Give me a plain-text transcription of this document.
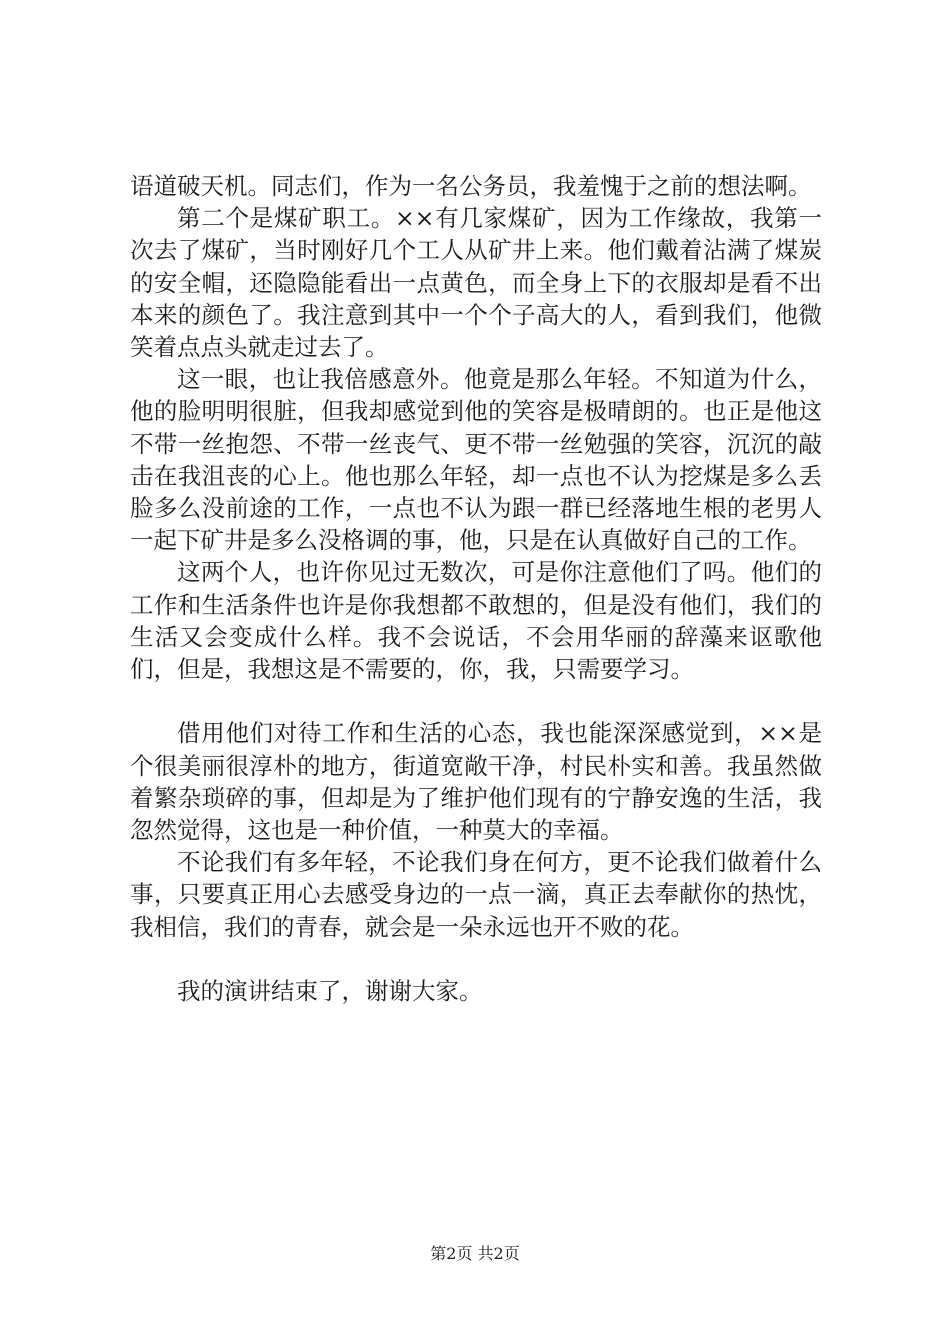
语道破天机。同志们，作为一名公务员，我羞愧于之前的想法啊。

第二个是煤矿职工。××有几家煤矿，因为工作缘故，我第一次去了煤矿，当时刚好几个工人从矿井上来。他们戴着沾满了煤炭的安全帽，还隐隐能看出一点黄色，而全身上下的衣服却是看不出本来的颜色了。我注意到其中一个个子高大的人，看到我们，他微笑着点点头就走过去了。

这一眼，也让我倍感意外。他竟是那么年轻。不知道为什么，他的脸明明很脏，但我却感觉到他的笑容是极晴朗的。也正是他这不带一丝抱怨、不带一丝丧气、更不带一丝勉强的笑容，沉沉的敲击在我沮丧的心上。他也那么年轻，却一点也不认为挖煤是多么丢脸多么没前途的工作，一点也不认为跟一群已经落地生根的老男人一起下矿井是多么没格调的事，他，只是在认真做好自己的工作。

这两个人，也许你见过无数次，可是你注意他们了吗。他们的工作和生活条件也许是你我想都不敢想的，但是没有他们，我们的生活又会变成什么样。我不会说话，不会用华丽的辞藻来讴歌他们，但是，我想这是不需要的，你，我，只需要学习。

借用他们对待工作和生活的心态，我也能深深感觉到，××是个很美丽很淳朴的地方，街道宽敞干净，村民朴实和善。我虽然做着繁杂琐碎的事，但却是为了维护他们现有的宁静安逸的生活，我忽然觉得，这也是一种价值，一种莫大的幸福。

不论我们有多年轻，不论我们身在何方，更不论我们做着什么事，只要真正用心去感受身边的一点一滴，真正去奉献你的热忱，我相信，我们的青春，就会是一朵永远也开不败的花。

我的演讲结束了，谢谢大家。

第2页 共2页
